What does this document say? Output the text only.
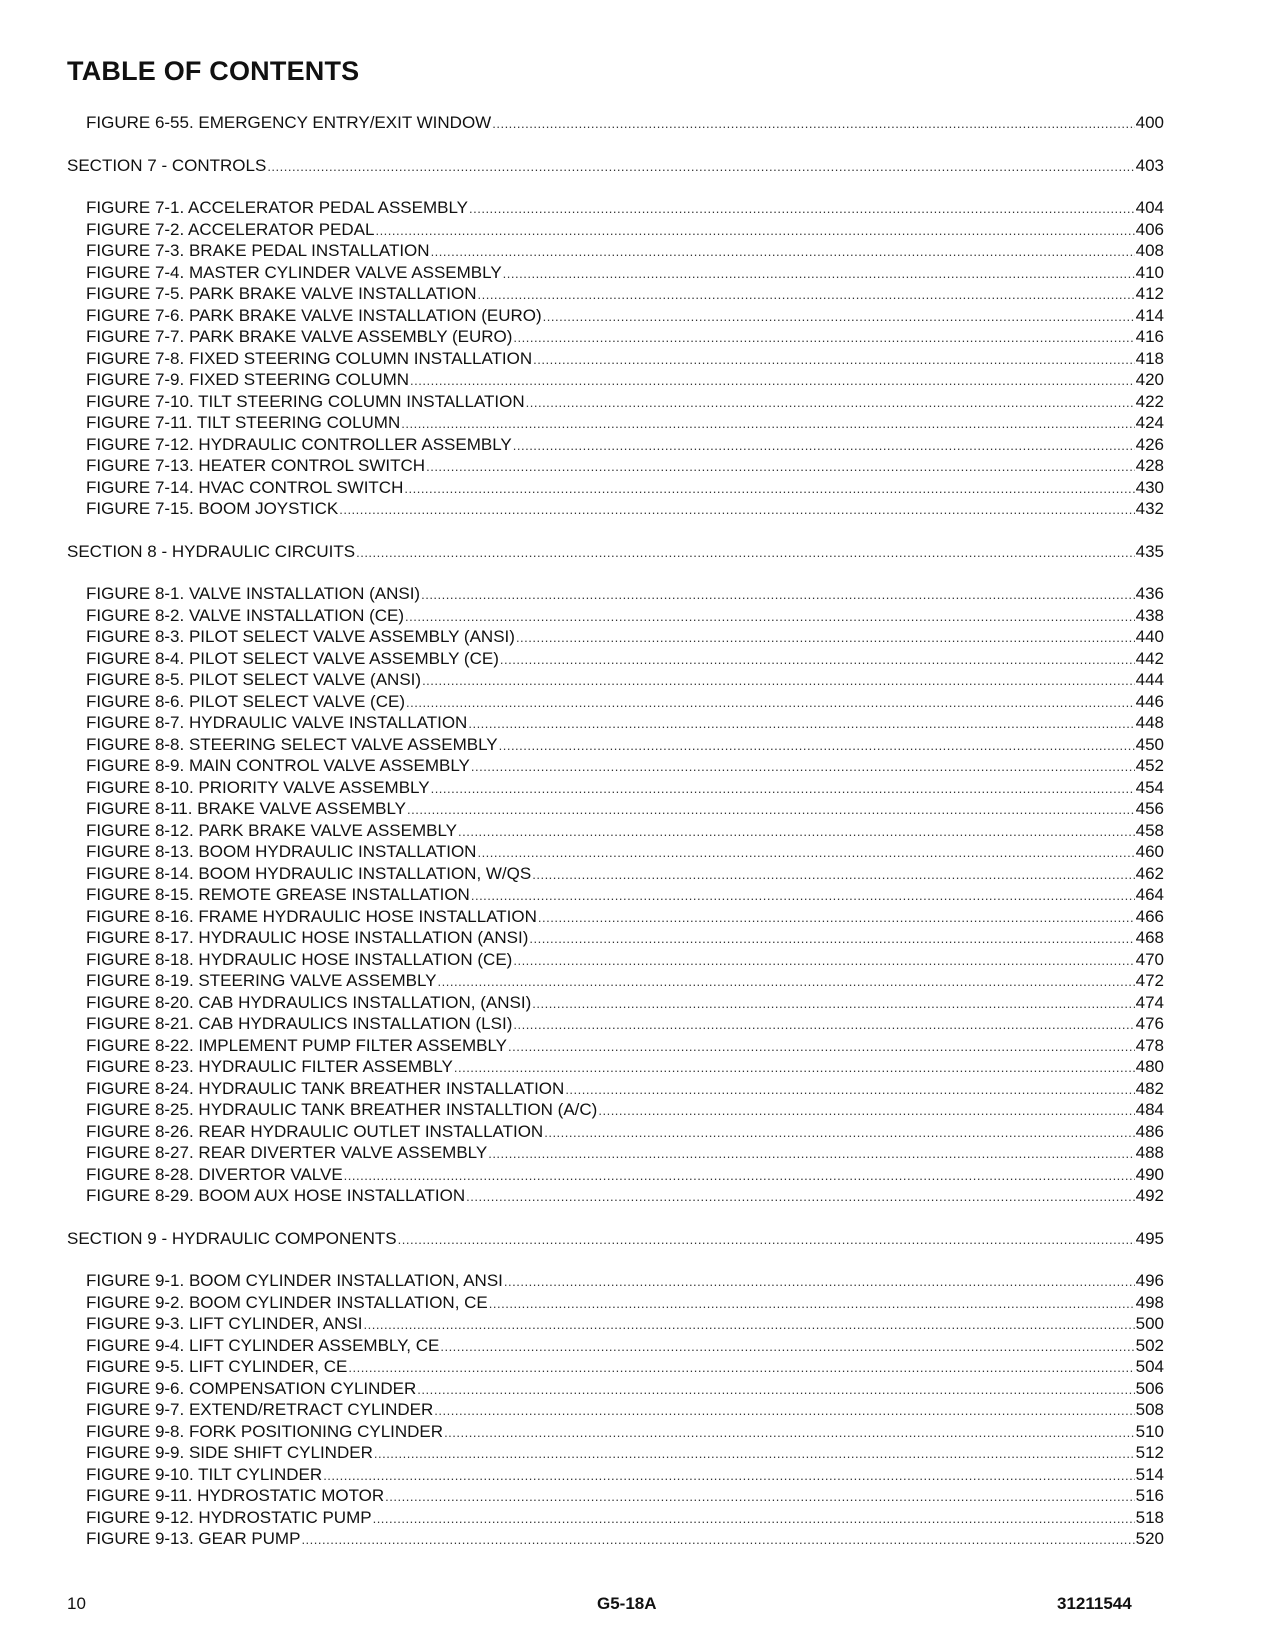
TABLE OF CONTENTS
FIGURE 6-55. EMERGENCY ENTRY/EXIT WINDOW .....	400
SECTION 7 - CONTROLS .....	403
FIGURE 7-1. ACCELERATOR PEDAL ASSEMBLY .....	404
FIGURE 7-2. ACCELERATOR PEDAL .....	406
FIGURE 7-3. BRAKE PEDAL INSTALLATION .....	408
FIGURE 7-4. MASTER CYLINDER VALVE ASSEMBLY .....	410
FIGURE 7-5. PARK BRAKE VALVE INSTALLATION .....	412
FIGURE 7-6. PARK BRAKE VALVE INSTALLATION (EURO) .....	414
FIGURE 7-7. PARK BRAKE VALVE ASSEMBLY (EURO) .....	416
FIGURE 7-8. FIXED STEERING COLUMN INSTALLATION .....	418
FIGURE 7-9. FIXED STEERING COLUMN .....	420
FIGURE 7-10. TILT STEERING COLUMN INSTALLATION .....	422
FIGURE 7-11. TILT STEERING COLUMN .....	424
FIGURE 7-12. HYDRAULIC CONTROLLER ASSEMBLY .....	426
FIGURE 7-13. HEATER CONTROL SWITCH .....	428
FIGURE 7-14. HVAC CONTROL SWITCH .....	430
FIGURE 7-15. BOOM JOYSTICK .....	432
SECTION 8 - HYDRAULIC CIRCUITS .....	435
FIGURE 8-1. VALVE INSTALLATION (ANSI) .....	436
FIGURE 8-2. VALVE INSTALLATION (CE) .....	438
FIGURE 8-3. PILOT SELECT VALVE ASSEMBLY (ANSI) .....	440
FIGURE 8-4. PILOT SELECT VALVE ASSEMBLY (CE) .....	442
FIGURE 8-5. PILOT SELECT VALVE (ANSI) .....	444
FIGURE 8-6. PILOT SELECT VALVE (CE) .....	446
FIGURE 8-7. HYDRAULIC VALVE INSTALLATION .....	448
FIGURE 8-8. STEERING SELECT VALVE ASSEMBLY .....	450
FIGURE 8-9. MAIN CONTROL VALVE ASSEMBLY .....	452
FIGURE 8-10. PRIORITY VALVE ASSEMBLY .....	454
FIGURE 8-11. BRAKE VALVE ASSEMBLY .....	456
FIGURE 8-12. PARK BRAKE VALVE ASSEMBLY .....	458
FIGURE 8-13. BOOM HYDRAULIC INSTALLATION .....	460
FIGURE 8-14. BOOM HYDRAULIC INSTALLATION, W/QS .....	462
FIGURE 8-15. REMOTE GREASE INSTALLATION .....	464
FIGURE 8-16. FRAME HYDRAULIC HOSE INSTALLATION .....	466
FIGURE 8-17. HYDRAULIC HOSE INSTALLATION (ANSI) .....	468
FIGURE 8-18. HYDRAULIC HOSE INSTALLATION (CE) .....	470
FIGURE 8-19. STEERING VALVE ASSEMBLY .....	472
FIGURE 8-20. CAB HYDRAULICS INSTALLATION, (ANSI) .....	474
FIGURE 8-21. CAB HYDRAULICS INSTALLATION (LSI) .....	476
FIGURE 8-22. IMPLEMENT PUMP FILTER ASSEMBLY .....	478
FIGURE 8-23. HYDRAULIC FILTER ASSEMBLY .....	480
FIGURE 8-24. HYDRAULIC TANK BREATHER INSTALLATION .....	482
FIGURE 8-25. HYDRAULIC TANK BREATHER INSTALLTION (A/C) .....	484
FIGURE 8-26. REAR HYDRAULIC OUTLET INSTALLATION .....	486
FIGURE 8-27. REAR DIVERTER VALVE ASSEMBLY .....	488
FIGURE 8-28. DIVERTOR VALVE .....	490
FIGURE 8-29. BOOM AUX HOSE INSTALLATION .....	492
SECTION 9 - HYDRAULIC COMPONENTS .....	495
FIGURE 9-1. BOOM CYLINDER INSTALLATION, ANSI .....	496
FIGURE 9-2. BOOM CYLINDER INSTALLATION, CE .....	498
FIGURE 9-3. LIFT CYLINDER, ANSI .....	500
FIGURE 9-4. LIFT CYLINDER ASSEMBLY, CE .....	502
FIGURE 9-5. LIFT CYLINDER, CE .....	504
FIGURE 9-6. COMPENSATION CYLINDER .....	506
FIGURE 9-7. EXTEND/RETRACT CYLINDER .....	508
FIGURE 9-8. FORK POSITIONING CYLINDER .....	510
FIGURE 9-9. SIDE SHIFT CYLINDER .....	512
FIGURE 9-10. TILT CYLINDER .....	514
FIGURE 9-11. HYDROSTATIC MOTOR .....	516
FIGURE 9-12. HYDROSTATIC PUMP .....	518
FIGURE 9-13. GEAR PUMP .....	520
10	G5-18A	31211544
